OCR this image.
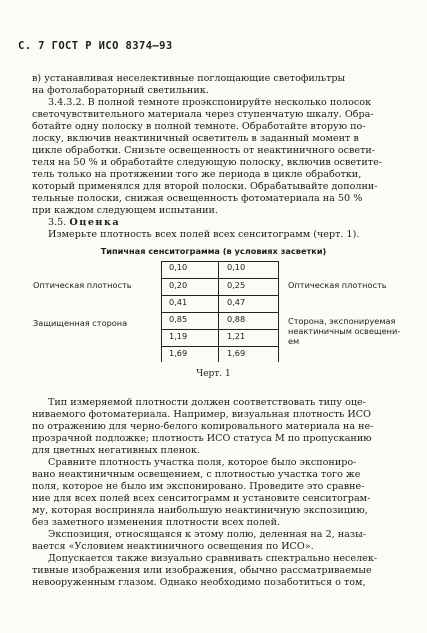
С. 7 ГОСТ Р ИСО 8374—93
в) устанавливая неселективные поглощающие светофильтры
на фотолабораторный светильник.
3.4.3.2. В полной темноте проэкспонируйте несколько полосок
светочувствительного материала через ступенчатую шкалу. Обра-
ботайте одну полоску в полной темноте. Обработайте вторую по-
лоску, включив неактиничный осветитель в заданный момент в
цикле обработки. Снизьте освещенность от неактиничного освети-
теля на 50 % и обработайте следующую полоску, включив осветите-
тель только на протяжении того же периода в цикле обработки,
который применялся для второй полоски. Обрабатывайте дополни-
тельные полоски, снижая освещенность фотоматериала на 50 %
при каждом следующем испытании.
3.5. Оценка
Измерьте плотность всех полей всех сенситограмм (черт. 1).
Типичная сенситограмма (в условиях засветки)
Оптическая плотность
Защищенная сторона
Оптическая плотность
Сторона, экспонируемая
неактиничным освещени-
ем
0,10
0,20
0,41
0,85
1,19
1,69
0,10
0,25
0,47
0,88
1,21
1,69
Черт. 1
Тип измеряемой плотности должен соответствовать типу оце-
ниваемого фотоматериала. Например, визуальная плотность ИСО
по отражению для черно-белого копировального материала на не-
прозрачной подложке; плотность ИСО статуса М по пропусканию
для цветных негативных пленок.
Сравните плотность участка поля, которое было экспониро-
вано неактиничным освещением, с плотностью участка того же
поля, которое не было им экспонировано. Проведите это сравне-
ние для всех полей всех сенситограмм и установите сенситограм-
му, которая восприняла наибольшую неактиничную экспозицию,
без заметного изменения плотности всех полей.
Экспозиция, относящаяся к этому полю, деленная на 2, назы-
вается «Условием неактиничного освещения по ИСО».
Допускается также визуально сравнивать спектрально неселек-
тивные изображения или изображения, обычно рассматриваемые
невооруженным глазом. Однако необходимо позаботиться о том,
